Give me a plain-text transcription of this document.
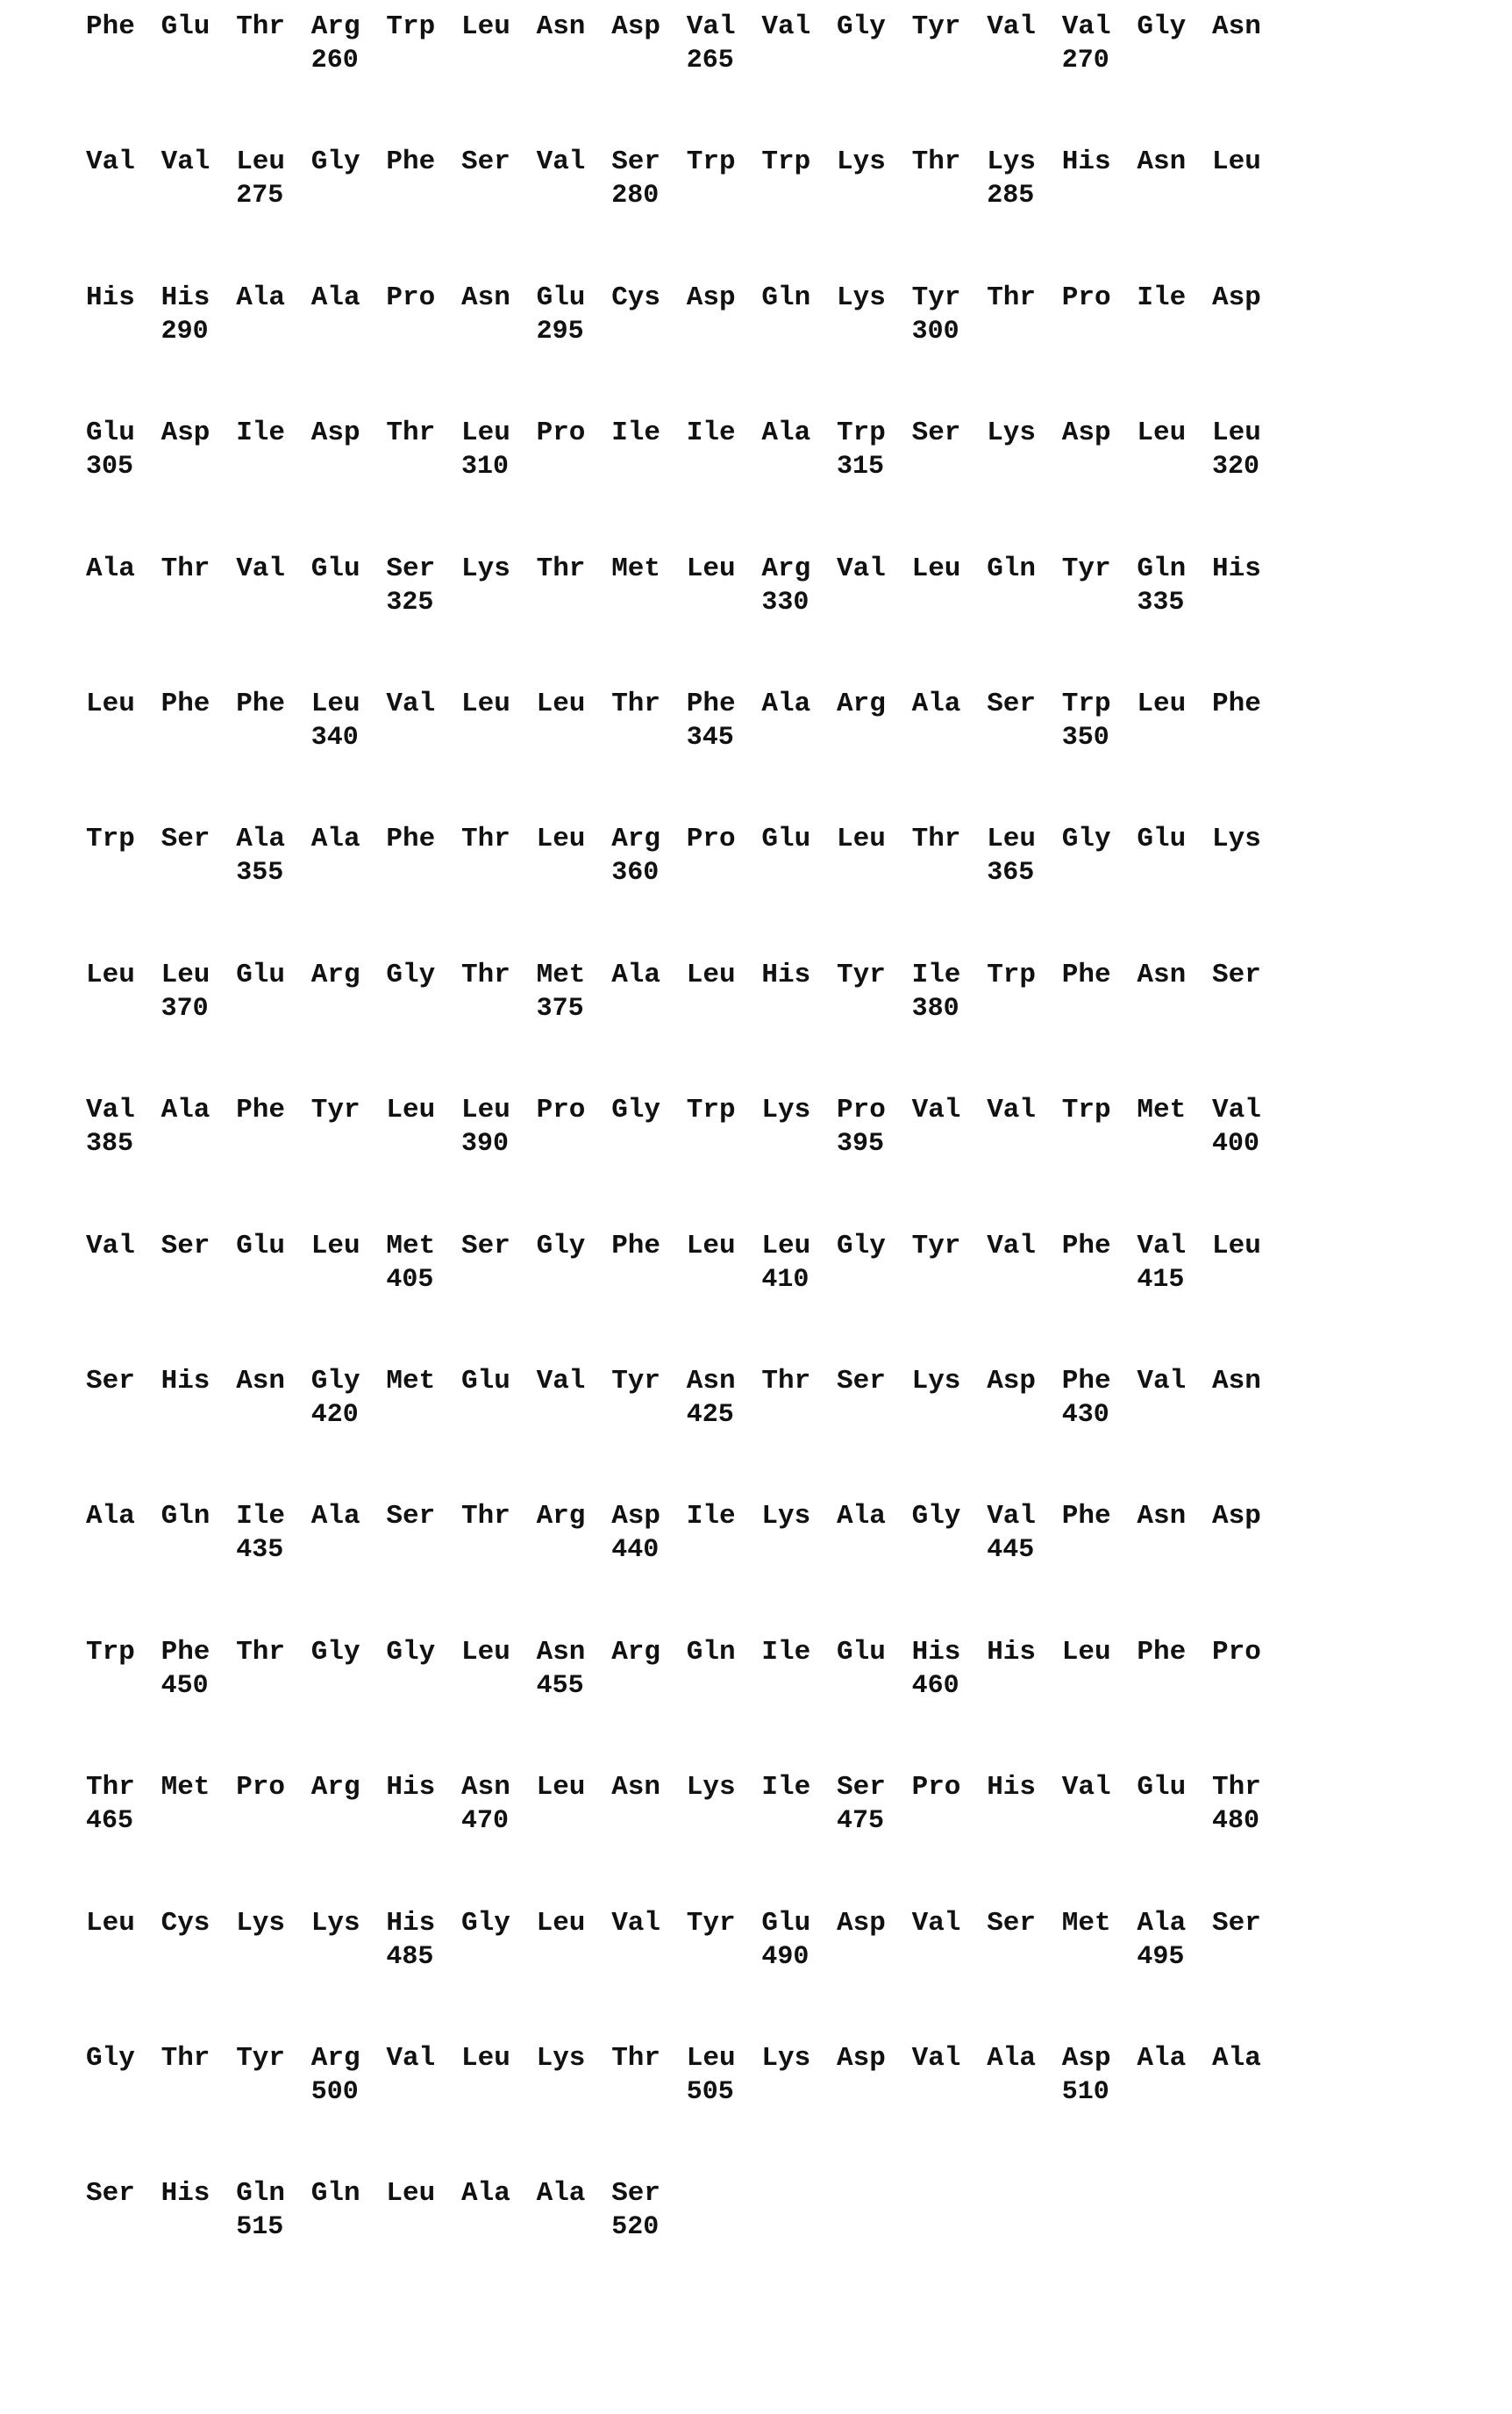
Phe Glu Thr Arg Trp Leu Asn Asp Val Val Gly Tyr Val Val Gly Asn
260	265	270
Val Val Leu Gly Phe Ser Val Ser Trp Trp Lys Thr Lys His Asn Leu
275	280	285
His His Ala Ala Pro Asn Glu Cys Asp Gln Lys Tyr Thr Pro Ile Asp
290	295	300
Glu Asp Ile Asp Thr Leu Pro Ile Ile Ala Trp Ser Lys Asp Leu Leu
305	310	315	320
Ala Thr Val Glu Ser Lys Thr Met Leu Arg Val Leu Gln Tyr Gln His
325	330	335
Leu Phe Phe Leu Val Leu Leu Thr Phe Ala Arg Ala Ser Trp Leu Phe
340	345	350
Trp Ser Ala Ala Phe Thr Leu Arg Pro Glu Leu Thr Leu Gly Glu Lys
355	360	365
Leu Leu Glu Arg Gly Thr Met Ala Leu His Tyr Ile Trp Phe Asn Ser
370	375	380
Val Ala Phe Tyr Leu Leu Pro Gly Trp Lys Pro Val Val Trp Met Val
385	390	395	400
Val Ser Glu Leu Met Ser Gly Phe Leu Leu Gly Tyr Val Phe Val Leu
405	410	415
Ser His Asn Gly Met Glu Val Tyr Asn Thr Ser Lys Asp Phe Val Asn
420	425	430
Ala Gln Ile Ala Ser Thr Arg Asp Ile Lys Ala Gly Val Phe Asn Asp
435	440	445
Trp Phe Thr Gly Gly Leu Asn Arg Gln Ile Glu His His Leu Phe Pro
450	455	460
Thr Met Pro Arg His Asn Leu Asn Lys Ile Ser Pro His Val Glu Thr
465	470	475	480
Leu Cys Lys Lys His Gly Leu Val Tyr Glu Asp Val Ser Met Ala Ser
485	490	495
Gly Thr Tyr Arg Val Leu Lys Thr Leu Lys Asp Val Ala Asp Ala Ala
500	505	510
Ser His Gln Gln Leu Ala Ala Ser
515	520
